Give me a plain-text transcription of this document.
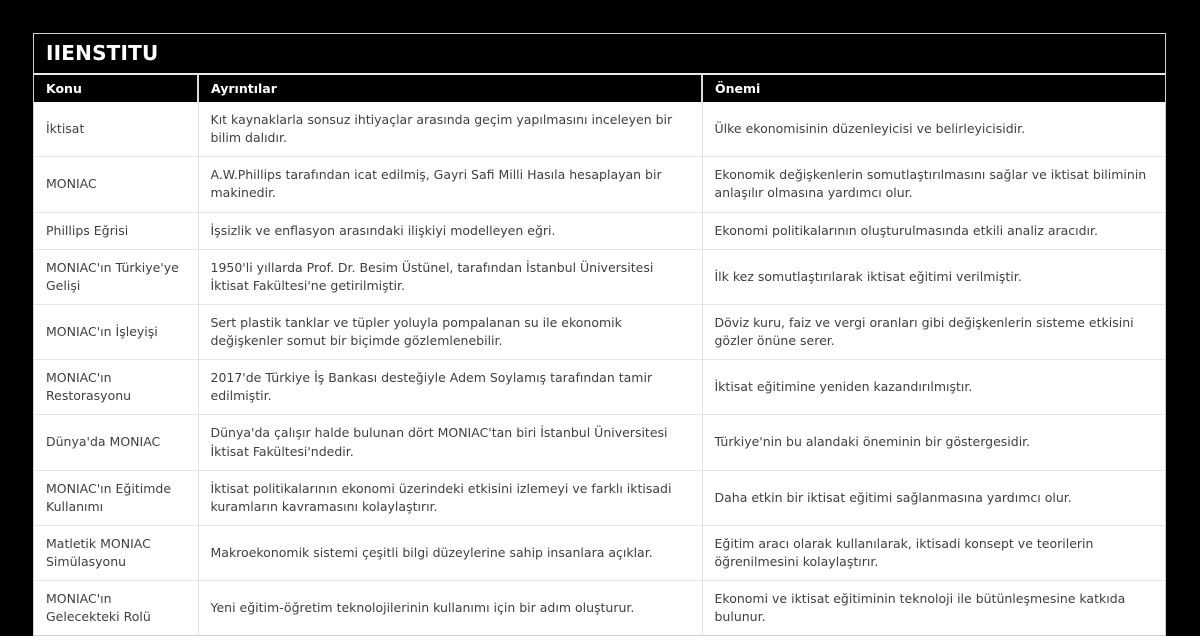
IIENSTITU
Konu	Ayrıntılar	Önemi
İktisat	Kıt kaynaklarla sonsuz ihtiyaçlar arasında geçim yapılmasını inceleyen bir bilim dalıdır.	Ülke ekonomisinin düzenleyicisi ve belirleyicisidir.
MONIAC	A.W.Phillips tarafından icat edilmiş, Gayri Safi Milli Hasıla hesaplayan bir makinedir.	Ekonomik değişkenlerin somutlaştırılmasını sağlar ve iktisat biliminin anlaşılır olmasına yardımcı olur.
Phillips Eğrisi	İşsizlik ve enflasyon arasındaki ilişkiyi modelleyen eğri.	Ekonomi politikalarının oluşturulmasında etkili analiz aracıdır.
MONIAC'ın Türkiye'ye Gelişi	1950'li yıllarda Prof. Dr. Besim Üstünel, tarafından İstanbul Üniversitesi İktisat Fakültesi'ne getirilmiştir.	İlk kez somutlaştırılarak iktisat eğitimi verilmiştir.
MONIAC'ın İşleyişi	Sert plastik tanklar ve tüpler yoluyla pompalanan su ile ekonomik değişkenler somut bir biçimde gözlemlenebilir.	Döviz kuru, faiz ve vergi oranları gibi değişkenlerin sisteme etkisini gözler önüne serer.
MONIAC'ın Restorasyonu	2017'de Türkiye İş Bankası desteğiyle Adem Soylamış tarafından tamir edilmiştir.	İktisat eğitimine yeniden kazandırılmıştır.
Dünya'da MONIAC	Dünya'da çalışır halde bulunan dört MONIAC'tan biri İstanbul Üniversitesi İktisat Fakültesi'ndedir.	Türkiye'nin bu alandaki öneminin bir göstergesidir.
MONIAC'ın Eğitimde Kullanımı	İktisat politikalarının ekonomi üzerindeki etkisini izlemeyi ve farklı iktisadi kuramların kavramasını kolaylaştırır.	Daha etkin bir iktisat eğitimi sağlanmasına yardımcı olur.
Matletik MONIAC Simülasyonu	Makroekonomik sistemi çeşitli bilgi düzeylerine sahip insanlara açıklar.	Eğitim aracı olarak kullanılarak, iktisadi konsept ve teorilerin öğrenilmesini kolaylaştırır.
MONIAC'ın Gelecekteki Rolü	Yeni eğitim-öğretim teknolojilerinin kullanımı için bir adım oluşturur.	Ekonomi ve iktisat eğitiminin teknoloji ile bütünleşmesine katkıda bulunur.
